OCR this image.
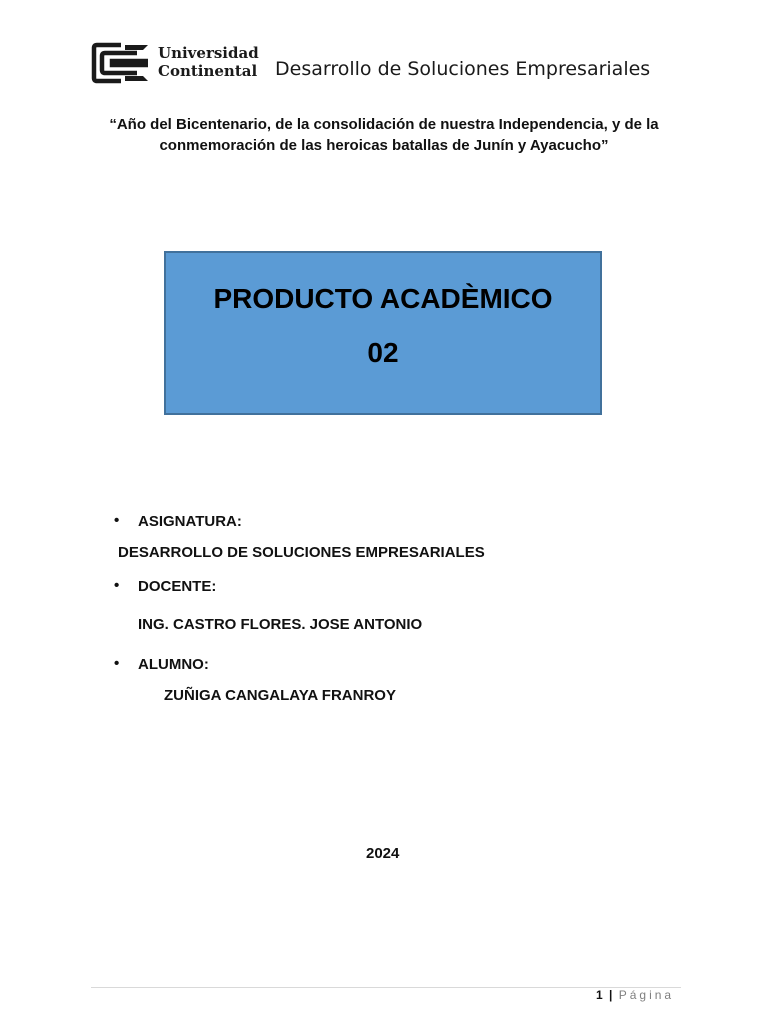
Universidad
Continental Desarrollo de Soluciones Empresariales
“Año del Bicentenario, de la consolidación de nuestra Independencia, y de la
conmemoración de las heroicas batallas de Junín y Ayacucho”
PRODUCTO ACADÈMICO
02
• ASIGNATURA:
DESARROLLO DE SOLUCIONES EMPRESARIALES
• DOCENTE:
ING. CASTRO FLORES. JOSE ANTONIO
• ALUMNO:
ZUÑIGA CANGALAYA FRANROY
2024
1 | Página
